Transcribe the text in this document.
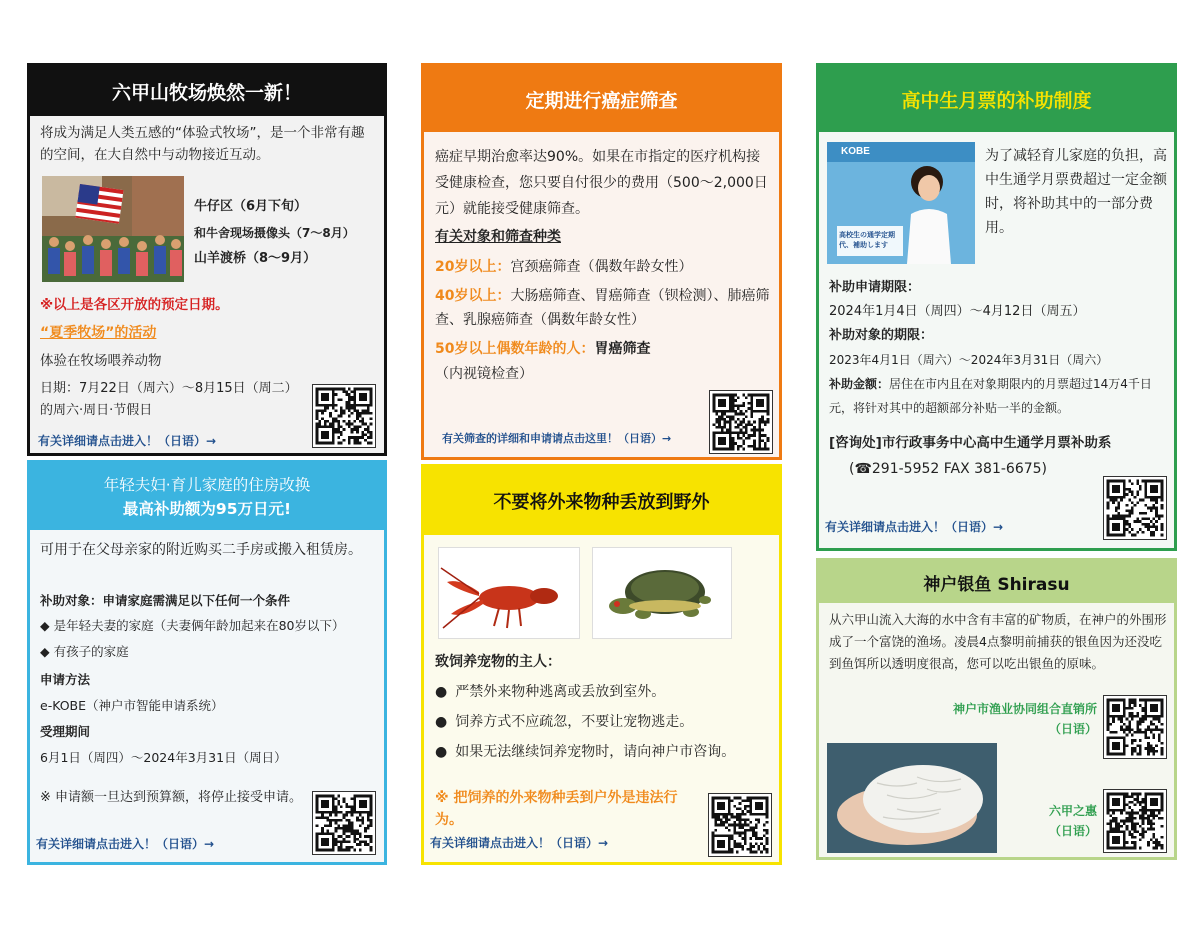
六甲山牧场焕然一新！

将成为满足人类五感的“体验式牧场”，是一个非常有趣的空间，在大自然中与动物接近互动。

牛仔区（6月下旬）

和牛舍现场摄像头（7～8月）

山羊渡桥（8～9月）

※以上是各区开放的预定日期。

“夏季牧场”的活动

体验在牧场喂养动物

日期：7月22日（周六）～8月15日（周二）的周六·周日·节假日

有关详细请点击进入！（日语）→
定期进行癌症筛查

癌症早期治愈率达90%。如果在市指定的医疗机构接受健康检查，您只要自付很少的费用（500～2,000日元）就能接受健康筛查。

有关对象和筛查种类

20岁以上：宫颈癌筛查（偶数年龄女性）

40岁以上：大肠癌筛查、胃癌筛查（钡检测）、肺癌筛查、乳腺癌筛查（偶数年龄女性）

50岁以上偶数年龄的人：胃癌筛查

（内视镜检查）

有关筛查的详细和申请请点击这里！（日语）→
高中生月票的补助制度
KOBE
高校生の通学定期代、補助します

为了减轻育儿家庭的负担，高中生通学月票费超过一定金额时，将补助其中的一部分费用。

补助申请期限：
2024年1月4日（周四）～4月12日（周五）
补助对象的期限：
2023年4月1日（周六）～2024年3月31日（周六）
补助金额：居住在市内且在对象期限内的月票超过14万4千日元，将针对其中的超额部分补贴一半的金额。

[咨询处]市行政事务中心高中生通学月票补助系

(☎291-5952 FAX 381-6675)

有关详细请点击进入！（日语）→
年轻夫妇·育儿家庭的住房改换
最高补助额为95万日元!

可用于在父母亲家的附近购买二手房或搬入租赁房。

补助对象：申请家庭需满足以下任何一个条件
◆ 是年轻夫妻的家庭（夫妻俩年龄加起来在80岁以下）
◆ 有孩子的家庭
申请方法
e-KOBE（神户市智能申请系统）
受理期间
6月1日（周四）～2024年3月31日（周日）

※ 申请额一旦达到预算额，将停止接受申请。

有关详细请点击进入！（日语）→
不要将外来物种丢放到野外

致饲养宠物的主人：

● 严禁外来物种逃离或丢放到室外。
● 饲养方式不应疏忽，不要让宠物逃走。
● 如果无法继续饲养宠物时，请向神户市咨询。

※ 把饲养的外来物种丢到户外是违法行为。

有关详细请点击进入！（日语）→
神户银鱼 Shirasu

从六甲山流入大海的水中含有丰富的矿物质，在神户的外围形成了一个富饶的渔场。凌晨4点黎明前捕获的银鱼因为还没吃到鱼饵所以透明度很高，您可以吃出银鱼的原味。

神户市渔业协同组合直销所
（日语）
六甲之惠
（日语）
